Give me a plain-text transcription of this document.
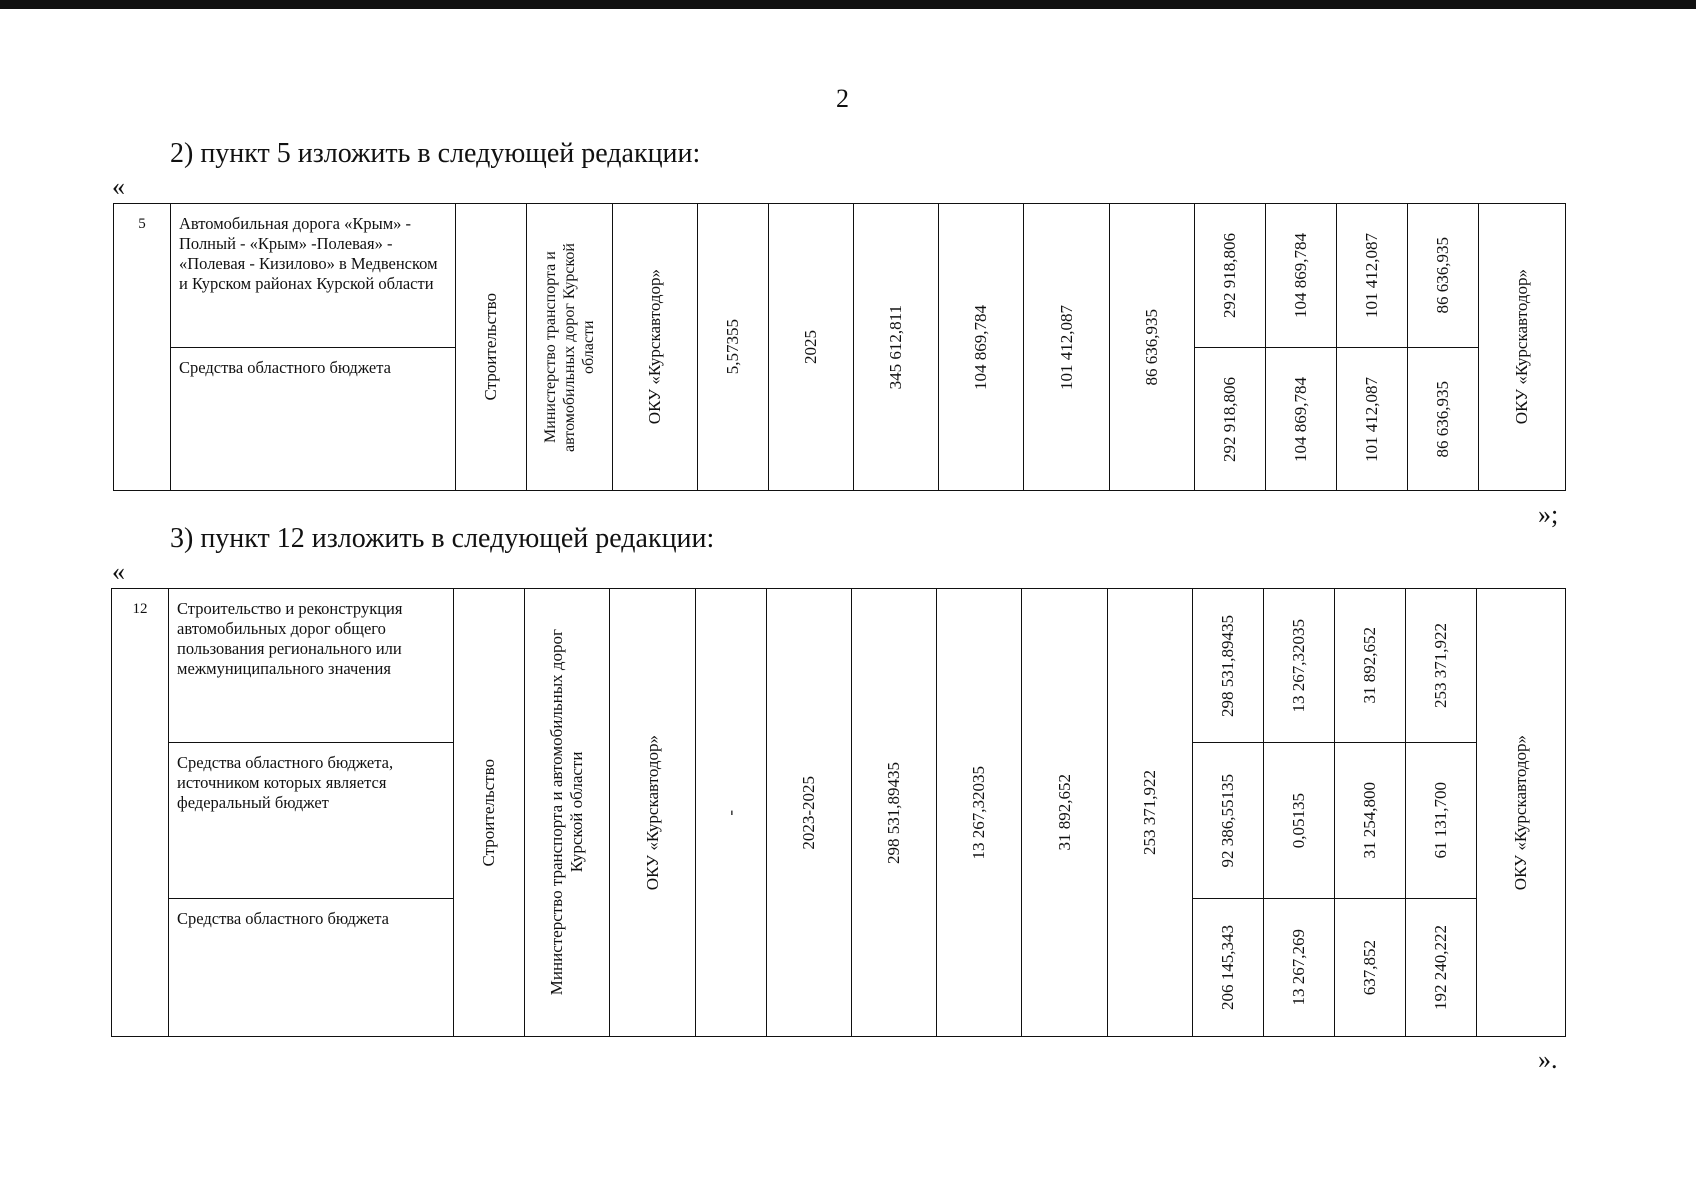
2
2) пункт 5 изложить в следующей редакции:
«
5	Автомобильная дорога «Крым» - Полный - «Крым» -Полевая» - «Полевая - Кизилово» в Медвенском и Курском районах Курской области	Строительство	Министерство транспорта и автомобильных дорог Курской области	ОКУ «Курскавтодор»	5,57355	2025	345 612,811	104 869,784	101 412,087	86 636,935	292 918,806	104 869,784	101 412,087	86 636,935	ОКУ «Курскавтодор»

	Средства областного бюджета										292 918,806	104 869,784	101 412,087	86 636,935	
»;
3) пункт 12 изложить в следующей редакции:
«
12	Строительство и реконструкция автомобильных дорог общего пользования регионального или межмуниципального значения	Строительство	Министерство транспорта и автомобильных дорог
Курской области	ОКУ «Курскавтодор»	-	2023-2025	298 531,89435	13 267,32035	31 892,652	253 371,922	298 531,89435	13 267,32035	31 892,652	253 371,922	ОКУ «Курскавтодор»

	Средства областного бюджета, источником которых является федеральный бюджет										92 386,55135	0,05135	31 254,800	61 131,700	

	Средства областного бюджета										206 145,343	13 267,269	637,852	192 240,222	
».
